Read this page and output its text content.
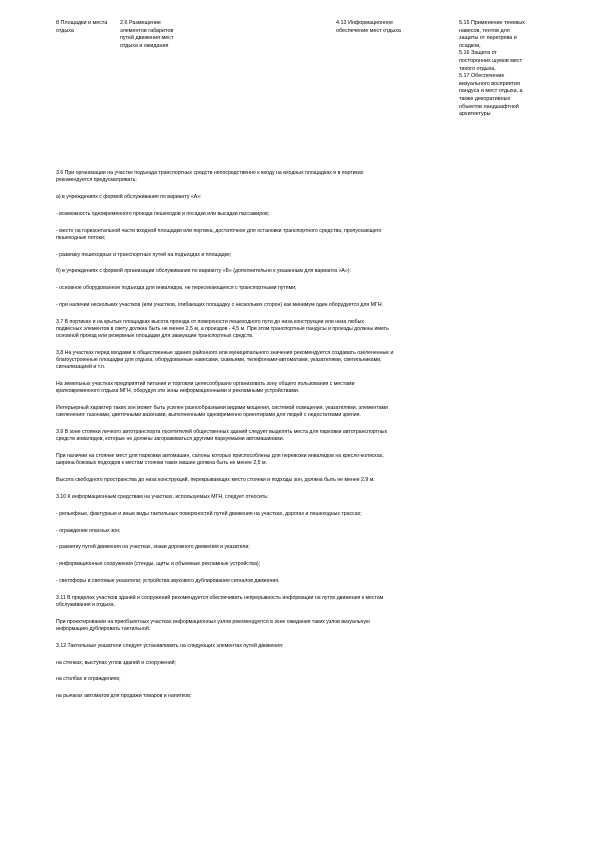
8 Площадки и места
отдыха
2.6 Размещение
элементов габаритов
путей движения мест
отдыха и ожидания
4.13 Информационное
обеспечение мест отдыха
5.15 Применение теневых
навесов, тентов для
защиты от перегрева и
осадков,
5.16 Защита от
посторонних шумов мест
тихого отдыха,
5.17 Обеспечение
визуального восприятия
пандуса и мест отдыха, а
также декоративных
объектов ландшафтной
архитектуры
3.6 При организации на участке подъезда транспортных средств непосредственно к входу на входных площадках и в портиках
рекомендуется предусматривать:
а) в учреждениях с формой обслуживания по варианту «А»:
- возможность одновременного проезда пешеходов и посадки или высадки пассажиров;
- место на горизонтальной части входной площадки или портика, достаточное для остановки транспортного средства, пропускающего
пешеходные потоки;
- развязку пешеходных и транспортных путей на подъездах и площадке;
б) в учреждениях с формой организации обслуживания по варианту «Б» (дополнительно к указанным для варианта «А»):
- основное оборудованное подъезда для инвалидов, не пересекающееся с транспортными путями;
- при наличии нескольких участков (или участков, огибающих площадку с нескольких сторон) как минимум один оборудуется для МГН.
3.7 В портиках и на крытых площадках высота проезда от поверхности пешеходного пути до низа конструкции или низа любых
подвесных элементов в свету должна быть не менее 2,5 м, а проездов - 4,5 м. При этом транспортные пандусы и проезды должны иметь
основной проезд или резервные площадки для эвакуации транспортных средств.
3.8 На участках перед входами в общественные здания районного или муниципального значения рекомендуется создавать озелененные и
благоустроенные площадки для отдыха, оборудованные навесами, скамьями, телефонами-автоматами, указателями, светильниками,
сигнализацией и т.п.
На земельных участках предприятий питания и торговли целесообразно организовать зону общего пользования с местами
кратковременного отдыха МГН, оборудуя эти зоны информационными и рекламными устройствами.
Интерьерный характер таких зон может быть усилен разнообразными видами мощения, системой освещения, указателями, элементами
озеленения: газонами, цветочными вазонами, выполненными одновременно ориентирами для людей с недостатками зрения.
3.9 В зоне стоянки личного автотранспорта посетителей общественных зданий следует выделять места для парковки автотранспортных
средств инвалидов, которые не должны загораживаться другими паркуемыми автомашинами.
При наличии на стоянке мест для парковки автомашин, салоны которых приспособлены для перевозки инвалидов на кресло-колясках,
ширина боковых подходов к местам стоянки таких машин должна быть не менее 2,5 м.
Высота свободного пространства до низа конструкций, перекрывающих место стоянки и подходы зон, должна быть не менее 2,9 м.
3.10 К информационным средствам на участках, используемых МГН, следует относить:
- рельефные, фактурные и иные виды тактильных поверхностей путей движения на участках, дорогах и пешеходных трассах;
- ограждение опасных зон;
- разметку путей движения на участках, знаки дорожного движения и указатели;
- информационные сооружения (стенды, щиты и объемные рекламные устройства);
- светофоры и световые указатели; устройства звукового дублирования сигналов движения.
3.11 В пределах участков зданий и сооружений рекомендуется обеспечивать непрерывность информации на путях движения к местам
обслуживания и отдыха.
При проектировании на приобъектных участках информационных узлов рекомендуется в зоне ожидания таких узлов визуальную
информацию дублировать тактильной.
3.12 Тактильные указатели следует устанавливать на следующих элементах путей движения:
на стенках, выступах углов зданий и сооружений;
на столбах и ограждениях;
на рычагах автоматов для продажи товаров и напитков;
